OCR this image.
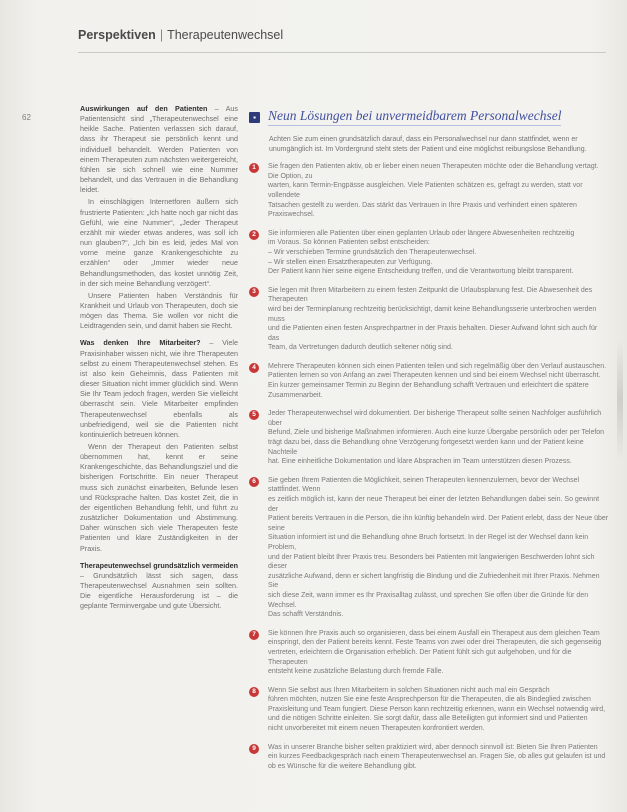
Perspektiven | Therapeutenwechsel
62

Auswirkungen auf den Patienten – Aus Patientensicht sind „Therapeutenwechsel eine heikle Sache. Patienten verlassen sich darauf, dass ihr Therapeut sie persönlich kennt und individuell behandelt. Werden Patienten von einem Therapeuten zum nächsten weitergereicht, fühlen sie sich schnell wie eine Nummer behandelt, und das Vertrauen in die Behandlung leidet.

In einschlägigen Internetforen äußern sich frustrierte Patienten: „Ich hatte noch gar nicht das Gefühl, wie eine Nummer“, „Jeder Therapeut erzählt mir wieder etwas anderes, was soll ich nun glauben?“, „Ich bin es leid, jedes Mal von vorne meine ganze Krankengeschichte zu erzählen“ oder „Immer wieder neue Behandlungsmethoden, das kostet unnötig Zeit, in der sich meine Behandlung verzögert“.

Unsere Patienten haben Verständnis für Krankheit und Urlaub von Therapeuten, doch sie mögen das Thema. Sie wollen vor nicht die Leidtragenden sein, und damit haben sie Recht.

Was denken Ihre Mitarbeiter? – Viele Praxisinhaber wissen nicht, wie ihre Therapeuten selbst zu einem Therapeutenwechsel stehen. Es ist also kein Geheimnis, dass Patienten mit dieser Situation nicht immer glücklich sind. Wenn Sie Ihr Team jedoch fragen, werden Sie vielleicht überrascht sein. Viele Mitarbeiter empfinden Therapeutenwechsel ebenfalls als unbefriedigend, weil sie die Patienten nicht kontinuierlich betreuen können.

Wenn der Therapeut den Patienten selbst übernommen hat, kennt er seine Krankengeschichte, das Behandlungsziel und die bisherigen Fortschritte. Ein neuer Therapeut muss sich zunächst einarbeiten, Befunde lesen und Rücksprache halten. Das kostet Zeit, die in der eigentlichen Behandlung fehlt, und führt zu zusätzlicher Dokumentation und Abstimmung. Daher wünschen sich viele Therapeuten feste Patienten und klare Zuständigkeiten in der Praxis.

Therapeutenwechsel grundsätzlich vermeiden – Grundsätzlich lässt sich sagen, dass Therapeutenwechsel Ausnahmen sein sollten. Die eigentliche Herausforderung ist – die geplante Terminvergabe und gute Übersicht.

▪ Neun Lösungen bei unvermeidbarem Personalwechsel

Achten Sie zum einen grundsätzlich darauf, dass ein Personalwechsel nur dann stattfindet, wenn er unumgänglich ist. Im Vordergrund steht stets der Patient und eine möglichst reibungslose Behandlung.

1	Sie fragen den Patienten aktiv, ob er lieber einen neuen Therapeuten möchte oder die Behandlung vertagt. Die Option, zu
warten, kann Termin-Engpässe ausgleichen. Viele Patienten schätzen es, gefragt zu werden, statt vor vollendete
Tatsachen gestellt zu werden. Das stärkt das Vertrauen in Ihre Praxis und verhindert einen späteren Praxiswechsel.
2	Sie informieren alle Patienten über einen geplanten Urlaub oder längere Abwesenheiten rechtzeitig
im Voraus. So können Patienten selbst entscheiden:
– Wir verschieben Termine grundsätzlich den Therapeutenwechsel.
– Wir stellen einen Ersatztherapeuten zur Verfügung.
Der Patient kann hier seine eigene Entscheidung treffen, und die Verantwortung bleibt transparent.
3	Sie legen mit Ihren Mitarbeitern zu einem festen Zeitpunkt die Urlaubsplanung fest. Die Abwesenheit des Therapeuten
wird bei der Terminplanung rechtzeitig berücksichtigt, damit keine Behandlungsserie unterbrochen werden muss
und die Patienten einen festen Ansprechpartner in der Praxis behalten. Dieser Aufwand lohnt sich auch für das
Team, da Vertretungen dadurch deutlich seltener nötig sind.
4	Mehrere Therapeuten können sich einen Patienten teilen und sich regelmäßig über den Verlauf austauschen.
Patienten lernen so von Anfang an zwei Therapeuten kennen und sind bei einem Wechsel nicht überrascht.
Ein kurzer gemeinsamer Termin zu Beginn der Behandlung schafft Vertrauen und erleichtert die spätere
Zusammenarbeit.
5	Jeder Therapeutenwechsel wird dokumentiert. Der bisherige Therapeut sollte seinen Nachfolger ausführlich über
Befund, Ziele und bisherige Maßnahmen informieren. Auch eine kurze Übergabe persönlich oder per Telefon
trägt dazu bei, dass die Behandlung ohne Verzögerung fortgesetzt werden kann und der Patient keine Nachteile
hat. Eine einheitliche Dokumentation und klare Absprachen im Team unterstützen diesen Prozess.
6	Sie geben Ihrem Patienten die Möglichkeit, seinen Therapeuten kennenzulernen, bevor der Wechsel stattfindet. Wenn
es zeitlich möglich ist, kann der neue Therapeut bei einer der letzten Behandlungen dabei sein. So gewinnt der
Patient bereits Vertrauen in die Person, die ihn künftig behandeln wird. Der Patient erlebt, dass der Neue über seine
Situation informiert ist und die Behandlung ohne Bruch fortsetzt. In der Regel ist der Wechsel dann kein Problem,
und der Patient bleibt Ihrer Praxis treu. Besonders bei Patienten mit langwierigen Beschwerden lohnt sich dieser
zusätzliche Aufwand, denn er sichert langfristig die Bindung und die Zufriedenheit mit Ihrer Praxis. Nehmen Sie
sich diese Zeit, wann immer es Ihr Praxisalltag zulässt, und sprechen Sie offen über die Gründe für den Wechsel.
Das schafft Verständnis.
7	Sie können Ihre Praxis auch so organisieren, dass bei einem Ausfall ein Therapeut aus dem gleichen Team
einspringt, den der Patient bereits kennt. Feste Teams von zwei oder drei Therapeuten, die sich gegenseitig
vertreten, erleichtern die Organisation erheblich. Der Patient fühlt sich gut aufgehoben, und für die Therapeuten
entsteht keine zusätzliche Belastung durch fremde Fälle.
8	Wenn Sie selbst aus Ihren Mitarbeitern in solchen Situationen nicht auch mal ein Gespräch
führen möchten, nutzen Sie eine feste Ansprechperson für die Therapeuten, die als Bindeglied zwischen
Praxisleitung und Team fungiert. Diese Person kann rechtzeitig erkennen, wann ein Wechsel notwendig wird,
und die nötigen Schritte einleiten. Sie sorgt dafür, dass alle Beteiligten gut informiert sind und Patienten
nicht unvorbereitet mit einem neuen Therapeuten konfrontiert werden.
9	Was in unserer Branche bisher selten praktiziert wird, aber dennoch sinnvoll ist: Bieten Sie Ihren Patienten
ein kurzes Feedbackgespräch nach einem Therapeutenwechsel an. Fragen Sie, ob alles gut gelaufen ist und
ob es Wünsche für die weitere Behandlung gibt.
